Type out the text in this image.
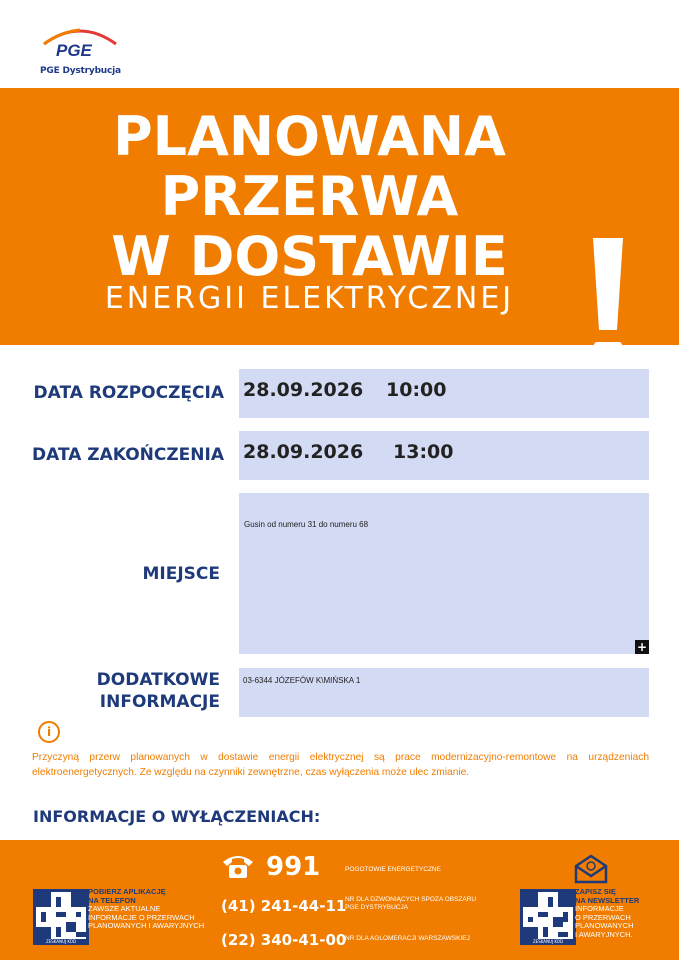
PGE
PGE Dystrybucja
PLANOWANA
PRZERWA
W DOSTAWIE
ENERGII ELEKTRYCZNEJ
DATA ROZPOCZĘCIA 28.09.2026 10:00
DATA ZAKOŃCZENIA 28.09.2026 13:00
MIEJSCE
Gusin od numeru 31 do numeru 68
+
DODATKOWE
INFORMACJE
03-6344 JÓZEFÓW K\MIŃSKA 1
i
Przyczyną przerw planowanych w dostawie energii elektrycznej są prace modernizacyjno-remontowe na urządzeniach elektroenergetycznych. Ze względu na czynniki zewnętrzne, czas wyłączenia może ulec zmianie.
INFORMACJE O WYŁĄCZENIACH:
ZESKANUJ KOD
POBIERZ APLIKACJĘ
NA TELEFON
ZAWSZE AKTUALNE
INFORMACJE O PRZERWACH
PLANOWANYCH I AWARYJNYCH
991	POGOTOWIE ENERGETYCZNE
(41) 241-44-11
NR DLA DZWONIĄCYCH SPOZA OBSZARU
PGE DYSTRYBUCJA
(22) 340-41-00
NR DLA AGLOMERACJI WARSZAWSKIEJ	ZESKANUJ KOD
ZAPISZ SIĘ
NA NEWSLETTER
INFORMACJE
O PRZERWACH
PLANOWANYCH
I AWARYJNYCH.
